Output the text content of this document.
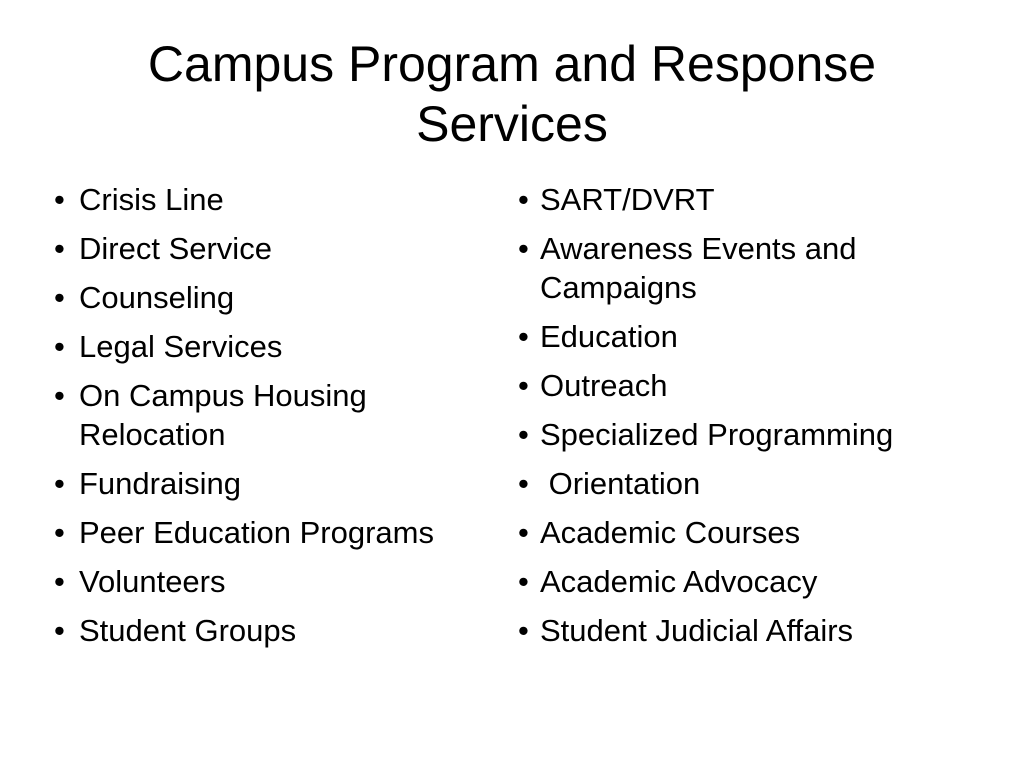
Campus Program and Response Services
• Crisis Line
• Direct Service
• Counseling
• Legal Services
• On Campus Housing Relocation
• Fundraising
• Peer Education Programs
• Volunteers
• Student Groups
• SART/DVRT
• Awareness Events and Campaigns
• Education
• Outreach
• Specialized Programming
• Orientation
• Academic Courses
• Academic Advocacy
• Student Judicial Affairs
